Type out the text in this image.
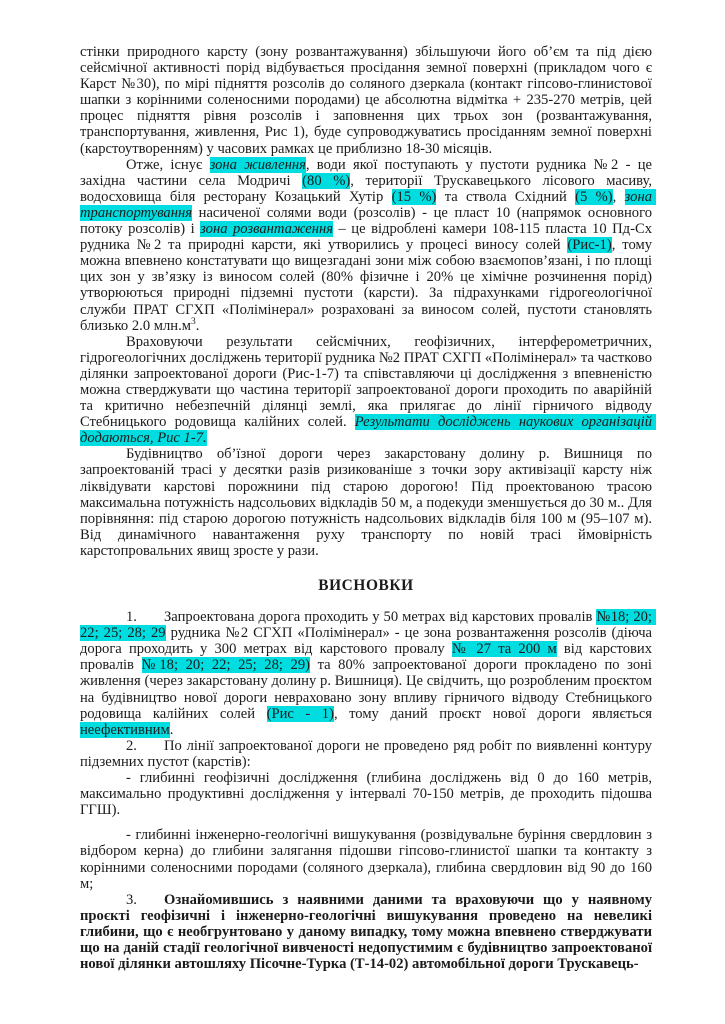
стінки природного карсту (зону розвантажування) збільшуючи його об’єм та під дією сейсмічної активності порід відбувається просідання земної поверхні (прикладом чого є Карст №30), по мірі підняття розсолів до соляного дзеркала (контакт гіпсово-глинистової шапки з корінними соленосними породами) це абсолютна відмітка + 235-270 метрів, цей процес підняття рівня розсолів і заповнення цих трьох зон (розвантажування, транспортування, живлення, Рис 1), буде супроводжуватись просіданням земної поверхні (карстоутворенням) у часових рамках це приблизно 18-30 місяців.

Отже, існує зона живлення, води якої поступають у пустоти рудника №2 - це західна частини села Модричі (80 %), території Трускавецького лісового масиву, водосховища біля ресторану Козацький Хутір (15 %) та ствола Східний (5 %), зона транспортування насиченої солями води (розсолів) - це пласт 10 (напрямок основного потоку розсолів) і зона розвантаження – це відроблені камери 108-115 пласта 10 Пд-Сх рудника №2 та природні карсти, які утворились у процесі виносу солей (Рис-1), тому можна впевнено констатувати що вищезгадані зони між собою взаємопов’язані, і по площі цих зон у зв’язку із виносом солей (80% фізичне і 20% це хімічне розчинення порід) утворюються природні підземні пустоти (карсти). За підрахунками гідрогеологічної служби ПРАТ СГХП «Полімінерал» розраховані за виносом солей, пустоти становлять близько 2.0 $млн.м^3$.

Враховуючи результати сейсмічних, геофізичних, інтерферометричних, гідрогеологічних досліджень території рудника №2 ПРАТ СХГП «Полімінерал» та частково ділянки запроектованої дороги (Рис-1-7) та співставляючи ці дослідження з впевненістю можна стверджувати що частина території запроектованої дороги проходить по аварійній та критично небезпечній ділянці землі, яка прилягає до лінії гірничого відводу Стебницького родовища калійних солей. Результати досліджень наукових організацій додаються, Рис 1-7.

Будівництво об’їзної дороги через закарстовану долину р. Вишниця по запроектованій трасі у десятки разів ризикованіше з точки зору активізації карсту ніж ліквідувати карстові порожнини під старою дорогою! Під проектованою трасою максимальна потужність надсольових відкладів 50 м, а подекуди зменшується до 30 м.. Для порівняння: під старою дорогою потужність надсольових відкладів біля 100 м (95–107 м). Від динамічного навантаження руху транспорту по новій трасі ймовірність карстопровальних явищ зросте у рази.

ВИСНОВКИ

1. Запроектована дорога проходить у 50 метрах від карстових провалів №18; 20; 22; 25; 28; 29 рудника №2 СГХП «Полімінерал» - це зона розвантаження розсолів (діюча дорога проходить у 300 метрах від карстового провалу № 27 та 200 м від карстових провалів №18; 20; 22; 25; 28; 29) та 80% запроектованої дороги прокладено по зоні живлення (через закарстовану долину р. Вишниця). Це свідчить, що розробленим проєктом на будівництво нової дороги невраховано зону впливу гірничого відводу Стебницького родовища калійних солей (Рис - 1), тому даний проєкт нової дороги являється неефективним.

2. По лінії запроектованої дороги не проведено ряд робіт по виявленні контуру підземних пустот (карстів):

- глибинні геофізичні дослідження (глибина досліджень від 0 до 160 метрів, максимально продуктивні дослідження у інтервалі 70-150 метрів, де проходить підошва ГГШ).

- глибинні інженерно-геологічні вишукування (розвідувальне буріння свердловин з відбором керна) до глибини залягання підошви гіпсово-глинистої шапки та контакту з корінними соленосними породами (соляного дзеркала), глибина свердловин від 90 до 160 м;

3. Ознайомившись з наявними даними та враховуючи що у наявному проєкті геофізичні і інженерно-геологічні вишукування проведено на невеликі глибини, що є необгрунтовано у даному випадку, тому можна впевнено стверджувати що на даній стадії геологічної вивченості недопустимим є будівництво запроектованої нової ділянки автошляху Пісочне-Турка (Т-14-02) автомобільної дороги Трускавець-
